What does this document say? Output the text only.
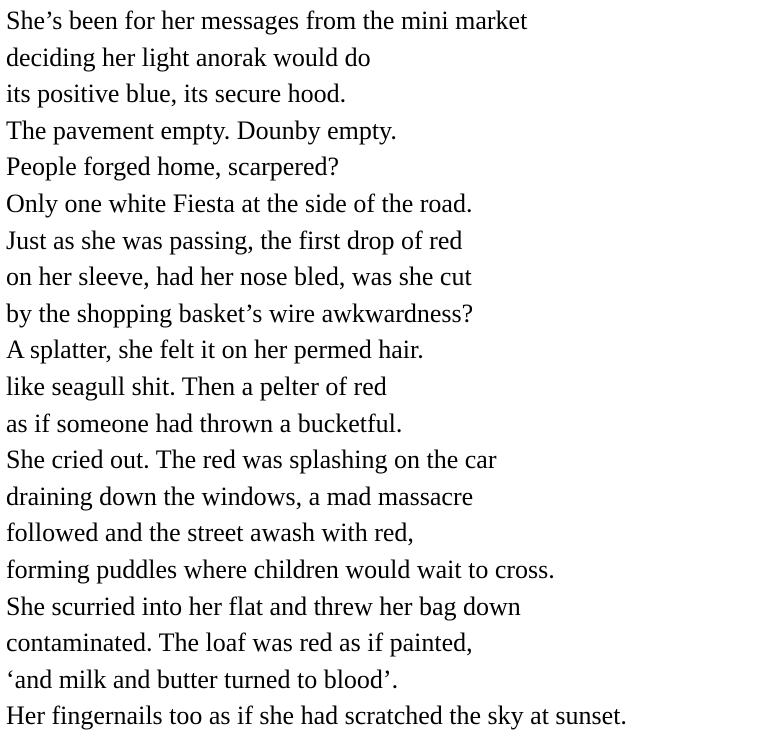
She’s been for her messages from the mini market
deciding her light anorak would do
its positive blue, its secure hood.
The pavement empty. Dounby empty.
People forged home, scarpered?
Only one white Fiesta at the side of the road.
Just as she was passing, the first drop of red
on her sleeve, had her nose bled, was she cut
by the shopping basket’s wire awkwardness?
A splatter, she felt it on her permed hair.
like seagull shit. Then a pelter of red
as if someone had thrown a bucketful.
She cried out. The red was splashing on the car
draining down the windows, a mad massacre
followed and the street awash with red,
forming puddles where children would wait to cross.
She scurried into her flat and threw her bag down
contaminated. The loaf was red as if painted,
‘and milk and butter turned to blood’.
Her fingernails too as if she had scratched the sky at sunset.
